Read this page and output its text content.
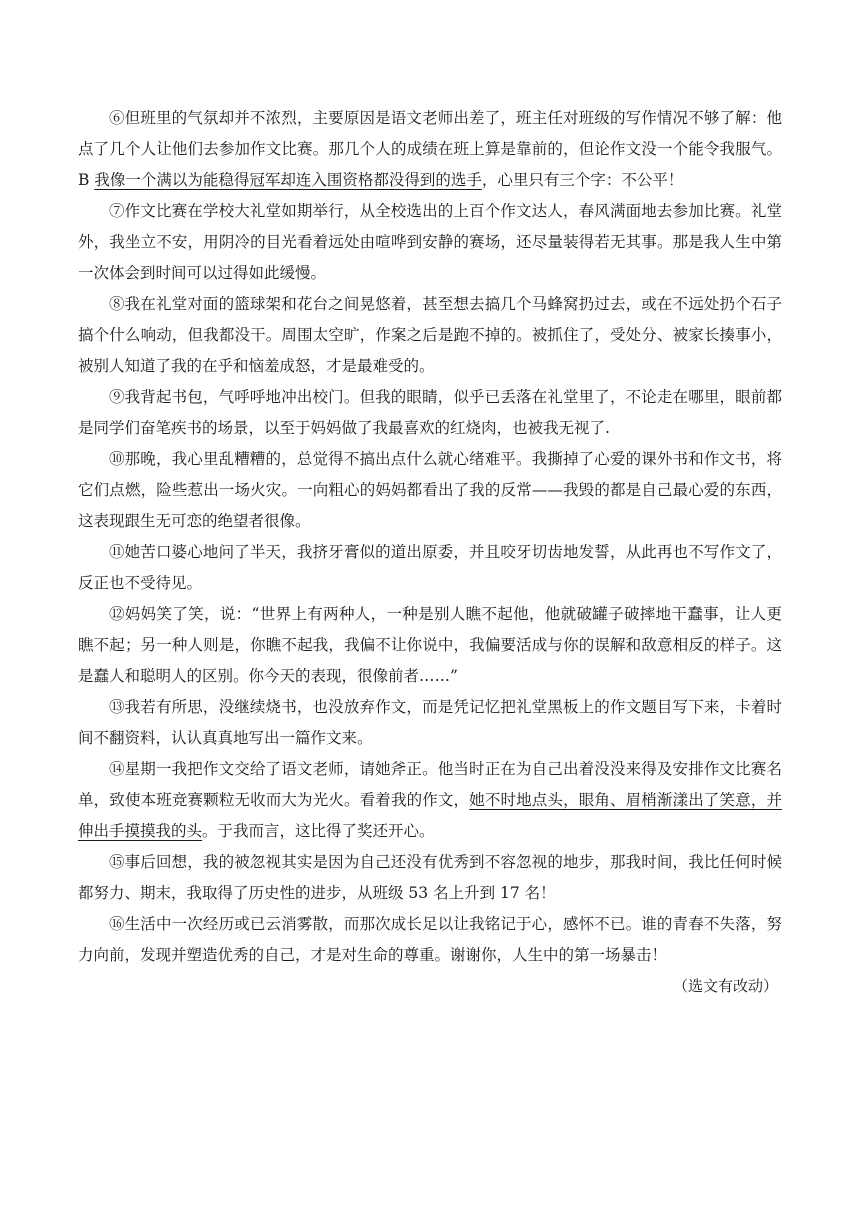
⑥但班里的气氛却并不浓烈，主要原因是语文老师出差了，班主任对班级的写作情况不够了解：他点了几个人让他们去参加作文比赛。那几个人的成绩在班上算是靠前的，但论作文没一个能令我服气。B 我像一个满以为能稳得冠军却连入围资格都没得到的选手，心里只有三个字：不公平！

⑦作文比赛在学校大礼堂如期举行，从全校选出的上百个作文达人，春风满面地去参加比赛。礼堂外，我坐立不安，用阴冷的目光看着远处由喧哗到安静的赛场，还尽量装得若无其事。那是我人生中第一次体会到时间可以过得如此缓慢。

⑧我在礼堂对面的篮球架和花台之间晃悠着，甚至想去搞几个马蜂窝扔过去，或在不远处扔个石子搞个什么响动，但我都没干。周围太空旷，作案之后是跑不掉的。被抓住了，受处分、被家长揍事小，被别人知道了我的在乎和恼羞成怒，才是最难受的。

⑨我背起书包，气呼呼地冲出校门。但我的眼睛，似乎已丢落在礼堂里了，不论走在哪里，眼前都是同学们奋笔疾书的场景，以至于妈妈做了我最喜欢的红烧肉，也被我无视了.

⑩那晚，我心里乱糟糟的，总觉得不搞出点什么就心绪难平。我撕掉了心爱的课外书和作文书，将它们点燃，险些惹出一场火灾。一向粗心的妈妈都看出了我的反常——我毁的都是自己最心爱的东西，这表现跟生无可恋的绝望者很像。

⑪她苦口婆心地问了半天，我挤牙膏似的道出原委，并且咬牙切齿地发誓，从此再也不写作文了，反正也不受待见。

⑫妈妈笑了笑，说：“世界上有两种人，一种是别人瞧不起他，他就破罐子破摔地干蠢事，让人更瞧不起；另一种人则是，你瞧不起我，我偏不让你说中，我偏要活成与你的误解和敌意相反的样子。这是蠢人和聪明人的区别。你今天的表现，很像前者……”

⑬我若有所思，没继续烧书，也没放弃作文，而是凭记忆把礼堂黑板上的作文题目写下来，卡着时间不翻资料，认认真真地写出一篇作文来。

⑭星期一我把作文交给了语文老师，请她斧正。他当时正在为自己出着没没来得及安排作文比赛名单，致使本班竞赛颗粒无收而大为光火。看着我的作文，她不时地点头，眼角、眉梢渐漾出了笑意，并伸出手摸摸我的头。于我而言，这比得了奖还开心。

⑮事后回想，我的被忽视其实是因为自己还没有优秀到不容忽视的地步，那我时间，我比任何时候都努力、期末，我取得了历史性的进步，从班级 53 名上升到 17 名！

⑯生活中一次经历或已云消雾散，而那次成长足以让我铭记于心，感怀不已。谁的青春不失落，努力向前，发现并塑造优秀的自己，才是对生命的尊重。谢谢你，人生中的第一场暴击！

（选文有改动）
